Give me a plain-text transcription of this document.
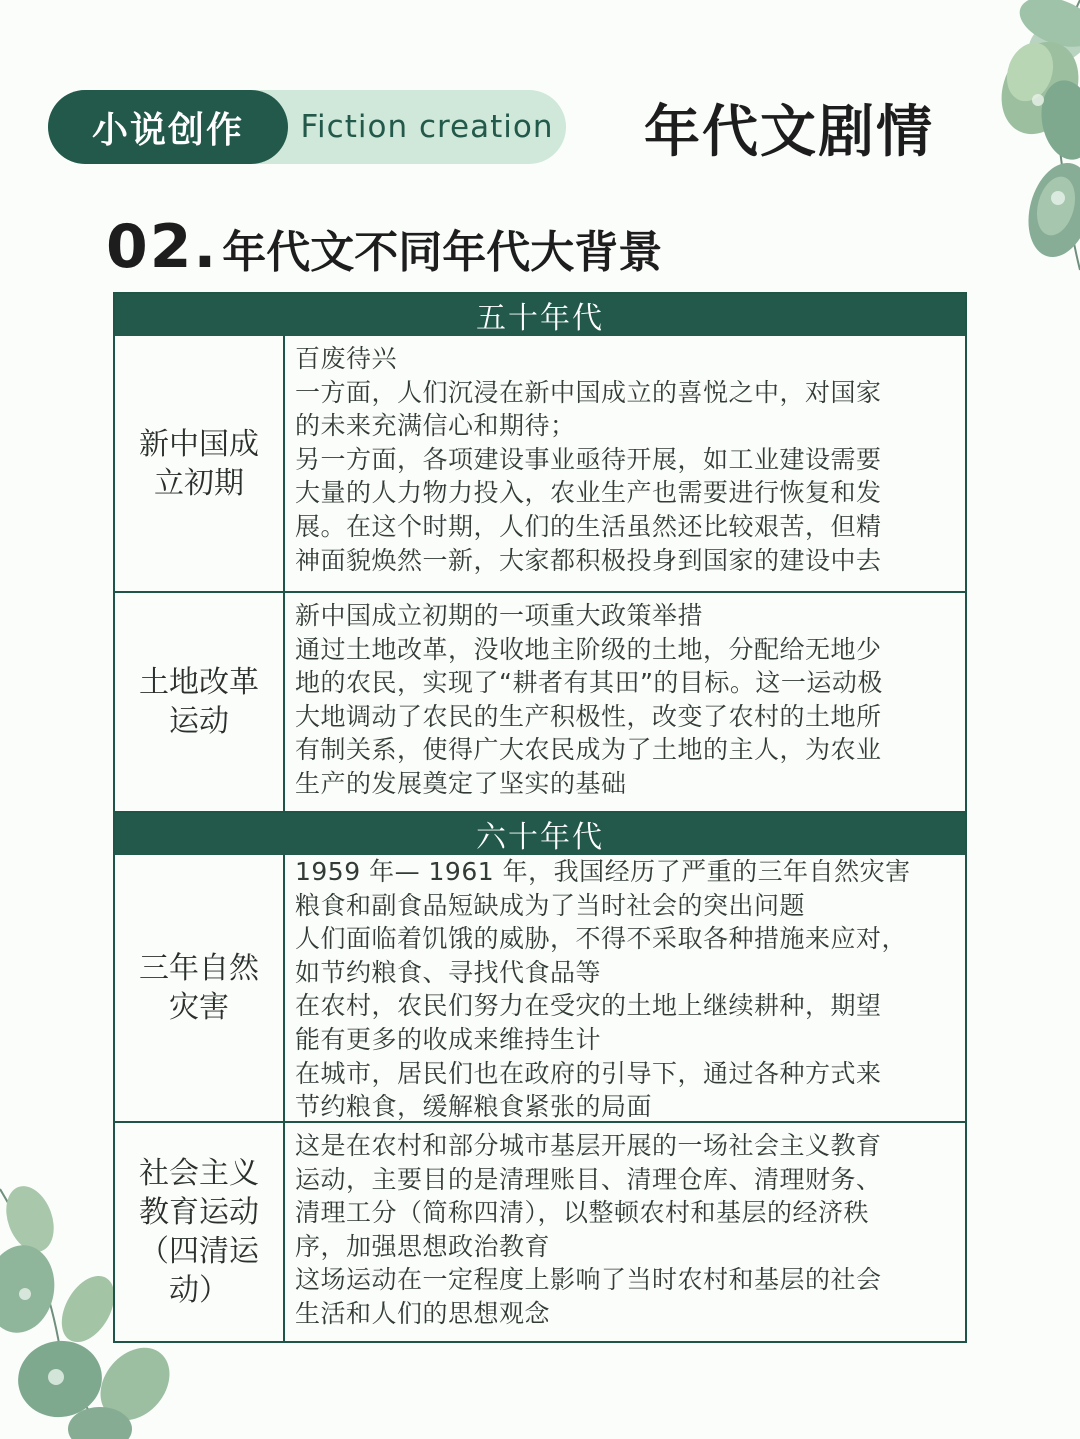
小说创作	Fiction creation 年代文剧情
02. 年代文不同年代大背景
五十年代
新中国成
立初期
百废待兴
一方面，人们沉浸在新中国成立的喜悦之中，对国家
的未来充满信心和期待；
另一方面，各项建设事业亟待开展，如工业建设需要
大量的人力物力投入，农业生产也需要进行恢复和发
展。在这个时期，人们的生活虽然还比较艰苦，但精
神面貌焕然一新，大家都积极投身到国家的建设中去
土地改革
运动
新中国成立初期的一项重大政策举措
通过土地改革，没收地主阶级的土地，分配给无地少
地的农民，实现了“耕者有其田”的目标。这一运动极
大地调动了农民的生产积极性，改变了农村的土地所
有制关系，使得广大农民成为了土地的主人，为农业
生产的发展奠定了坚实的基础
六十年代
三年自然
灾害
1959 年— 1961 年，我国经历了严重的三年自然灾害
粮食和副食品短缺成为了当时社会的突出问题
人们面临着饥饿的威胁，不得不采取各种措施来应对，
如节约粮食、寻找代食品等
在农村，农民们努力在受灾的土地上继续耕种，期望
能有更多的收成来维持生计
在城市，居民们也在政府的引导下，通过各种方式来
节约粮食，缓解粮食紧张的局面
社会主义
教育运动
（四清运
动）
这是在农村和部分城市基层开展的一场社会主义教育
运动，主要目的是清理账目、清理仓库、清理财务、
清理工分（简称四清），以整顿农村和基层的经济秩
序，加强思想政治教育
这场运动在一定程度上影响了当时农村和基层的社会
生活和人们的思想观念
